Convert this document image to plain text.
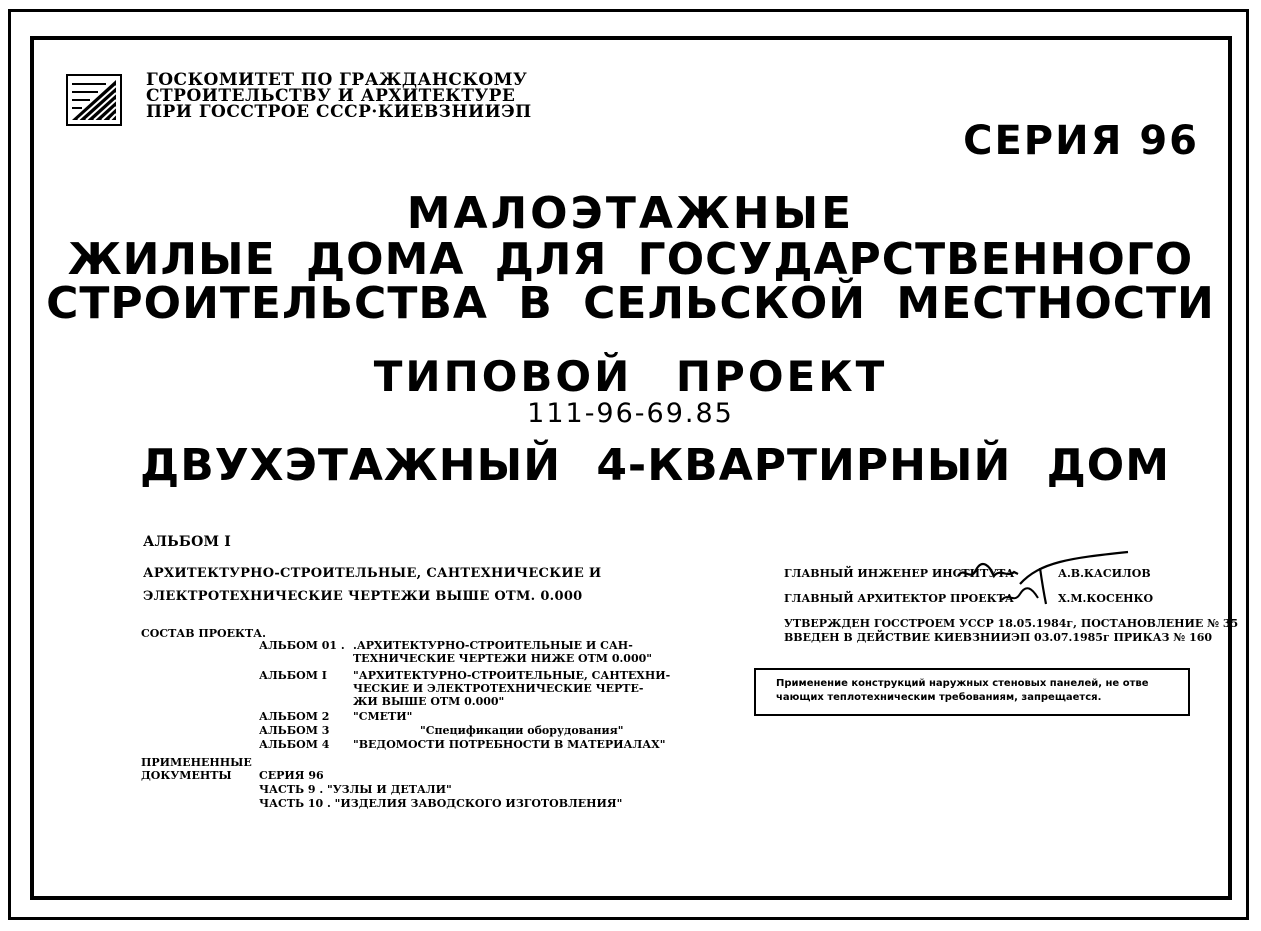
ГОСКОМИТЕТ ПО ГРАЖДАНСКОМУ
СТРОИТЕЛЬСТВУ И АРХИТЕКТУРЕ
ПРИ ГОССТРОЕ СССР·КИЕВЗНИИЭП
СЕРИЯ 96
МАЛОЭТАЖНЫЕ
ЖИЛЫЕ ДОМА ДЛЯ ГОСУДАРСТВЕННОГО
СТРОИТЕЛЬСТВА В СЕЛЬСКОЙ МЕСТНОСТИ
ТИПОВОЙ ПРОЕКТ
111-96-69.85
ДВУХЭТАЖНЫЙ 4-КВАРТИРНЫЙ ДОМ
АЛЬБОМ I
АРХИТЕКТУРНО-СТРОИТЕЛЬНЫЕ, САНТЕХНИЧЕСКИЕ И
ЭЛЕКТРОТЕХНИЧЕСКИЕ ЧЕРТЕЖИ ВЫШЕ ОТМ. 0.000
СОСТАВ ПРОЕКТА.
АЛЬБОМ 01 . .АРХИТЕКТУРНО-СТРОИТЕЛЬНЫЕ И САН-
ТЕХНИЧЕСКИЕ ЧЕРТЕЖИ НИЖЕ ОТМ 0.000"
АЛЬБОМ I "АРХИТЕКТУРНО-СТРОИТЕЛЬНЫЕ, САНТЕХНИ-
ЧЕСКИЕ И ЭЛЕКТРОТЕХНИЧЕСКИЕ ЧЕРТЕ-
ЖИ ВЫШЕ ОТМ 0.000"
АЛЬБОМ 2 "СМЕТИ"
АЛЬБОМ 3	"Спецификации оборудования"
АЛЬБОМ 4 "ВЕДОМОСТИ ПОТРЕБНОСТИ В МАТЕРИАЛАХ"
ПРИМЕНЕННЫЕ
ДОКУМЕНТЫ СЕРИЯ 96
ЧАСТЬ 9 . "УЗЛЫ И ДЕТАЛИ"
ЧАСТЬ 10 . "ИЗДЕЛИЯ ЗАВОДСКОГО ИЗГОТОВЛЕНИЯ"
ГЛАВНЫЙ ИНЖЕНЕР ИНСТИТУТА	А.В.КАСИЛОВ
ГЛАВНЫЙ АРХИТЕКТОР ПРОЕКТА	Х.М.КОСЕНКО
УТВЕРЖДЕН ГОССТРОЕМ УССР 18.05.1984г, ПОСТАНОВЛЕНИЕ № 35
ВВЕДЕН В ДЕЙСТВИЕ КИЕВЗНИИЭП 03.07.1985г ПРИКАЗ № 160
Применение конструкций наружных стеновых панелей, не отве
чающих теплотехническим требованиям, запрещается.
